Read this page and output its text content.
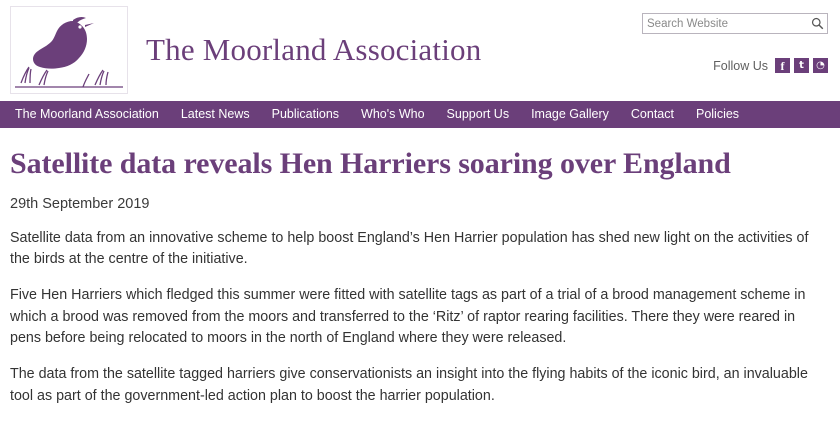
The Moorland Association
Search Website	Follow Us	f	t	◔
The Moorland Association	Latest News	Publications	Who's Who	Support Us	Image Gallery	Contact	Policies
Satellite data reveals Hen Harriers soaring over England
29th September 2019

Satellite data from an innovative scheme to help boost England’s Hen Harrier population has shed new light on the activities of the birds at the centre of the initiative.

Five Hen Harriers which fledged this summer were fitted with satellite tags as part of a trial of a brood management scheme in which a brood was removed from the moors and transferred to the ‘Ritz’ of raptor rearing facilities. There they were reared in pens before being relocated to moors in the north of England where they were released.

The data from the satellite tagged harriers give conservationists an insight into the flying habits of the iconic bird, an invaluable tool as part of the government-led action plan to boost the harrier population.
